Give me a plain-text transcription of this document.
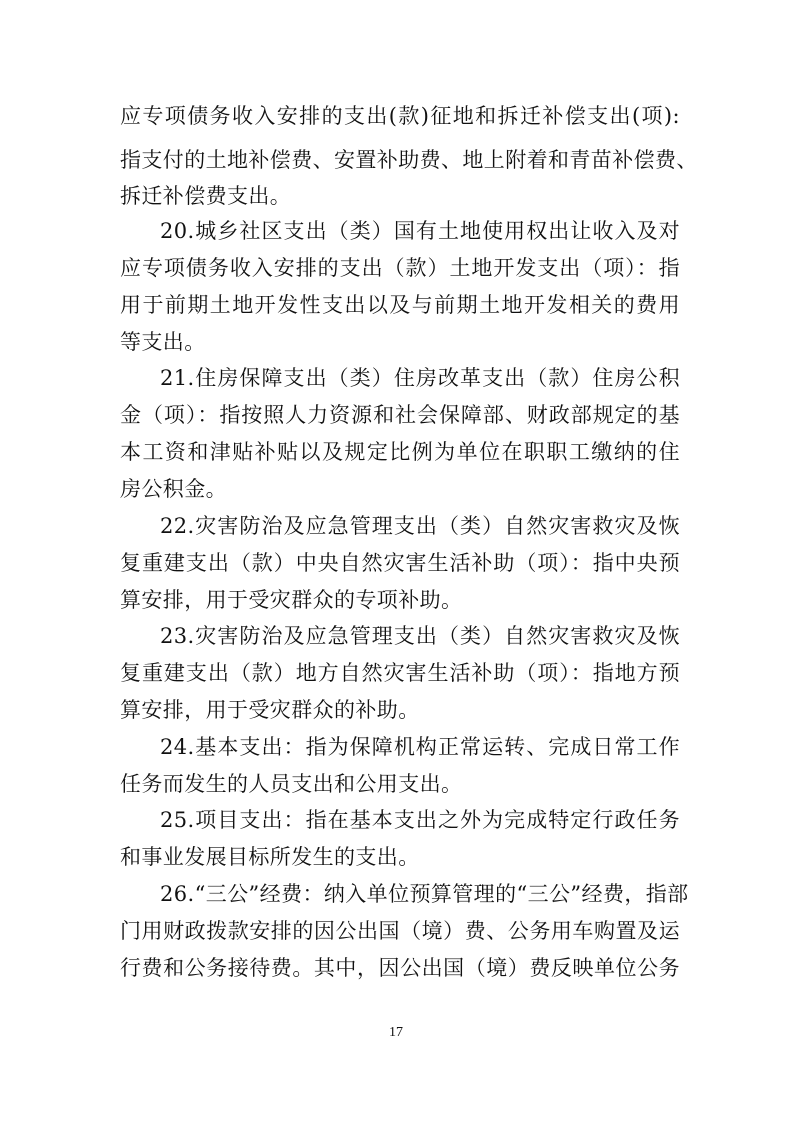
应专项债务收入安排的支出(款)征地和拆迁补偿支出(项):
指支付的土地补偿费、安置补助费、地上附着和青苗补偿费、
拆迁补偿费支出。
20.城乡社区支出（类）国有土地使用权出让收入及对
应专项债务收入安排的支出（款）土地开发支出（项）：指
用于前期土地开发性支出以及与前期土地开发相关的费用
等支出。
21.住房保障支出（类）住房改革支出（款）住房公积
金（项）：指按照人力资源和社会保障部、财政部规定的基
本工资和津贴补贴以及规定比例为单位在职职工缴纳的住
房公积金。
22.灾害防治及应急管理支出（类）自然灾害救灾及恢
复重建支出（款）中央自然灾害生活补助（项）：指中央预
算安排，用于受灾群众的专项补助。
23.灾害防治及应急管理支出（类）自然灾害救灾及恢
复重建支出（款）地方自然灾害生活补助（项）：指地方预
算安排，用于受灾群众的补助。
24.基本支出：指为保障机构正常运转、完成日常工作
任务而发生的人员支出和公用支出。
25.项目支出：指在基本支出之外为完成特定行政任务
和事业发展目标所发生的支出。
26.“三公”经费：纳入单位预算管理的“三公”经费，指部
门用财政拨款安排的因公出国（境）费、公务用车购置及运
行费和公务接待费。其中，因公出国（境）费反映单位公务
17
